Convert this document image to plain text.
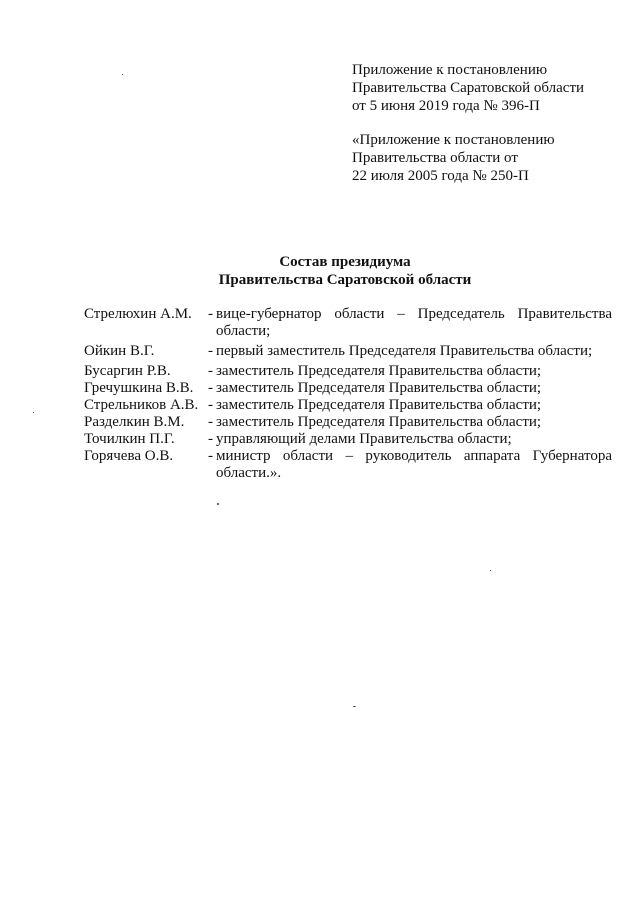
Приложение к постановлению
Правительства Саратовской области
от 5 июня 2019 года № 396-П
«Приложение к постановлению
Правительства области от
22 июля 2005 года № 250-П
Состав президиума
Правительства Саратовской области
Стрелюхин А.М.	- вице-губернатор области – Председатель Правительства области;
Ойкин В.Г.	- первый заместитель Председателя Правительства области;
Бусаргин Р.В.	- заместитель Председателя Правительства области;
Гречушкина В.В. - заместитель Председателя Правительства области;
Стрельников А.В. - заместитель Председателя Правительства области;
Разделкин В.М.	- заместитель Председателя Правительства области;
Точилкин П.Г.	- управляющий делами Правительства области;
Горячева О.В.	- министр области – руководитель аппарата Губернатора области.».
